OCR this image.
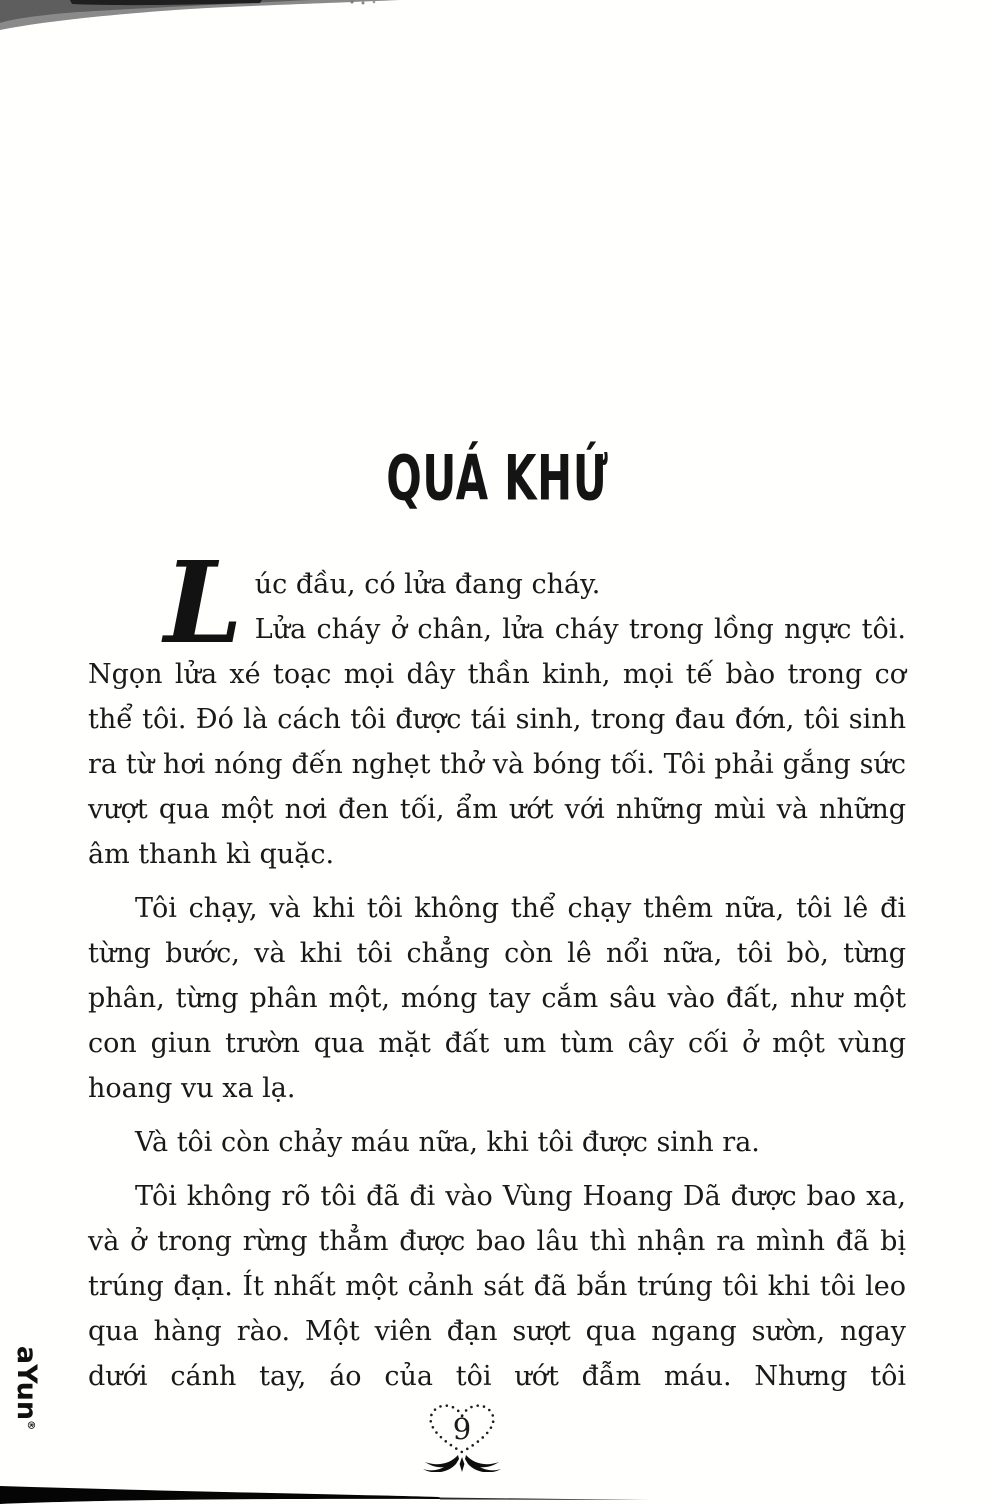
QUÁ KHỨ

Lúc đầu, có lửa đang cháy.
Lửa cháy ở chân, lửa cháy trong lồng ngực tôi. Ngọn lửa xé toạc mọi dây thần kinh, mọi tế bào trong cơ thể tôi. Đó là cách tôi được tái sinh, trong đau đớn, tôi sinh ra từ hơi nóng đến nghẹt thở và bóng tối. Tôi phải gắng sức vượt qua một nơi đen tối, ẩm ướt với những mùi và những âm thanh kì quặc.

Tôi chạy, và khi tôi không thể chạy thêm nữa, tôi lê đi từng bước, và khi tôi chẳng còn lê nổi nữa, tôi bò, từng phân, từng phân một, móng tay cắm sâu vào đất, như một con giun trườn qua mặt đất um tùm cây cối ở một vùng hoang vu xa lạ.

Và tôi còn chảy máu nữa, khi tôi được sinh ra.

Tôi không rõ tôi đã đi vào Vùng Hoang Dã được bao xa, và ở trong rừng thẳm được bao lâu thì nhận ra mình đã bị trúng đạn. Ít nhất một cảnh sát đã bắn trúng tôi khi tôi leo qua hàng rào. Một viên đạn sượt qua ngang sườn, ngay dưới cánh tay, áo của tôi ướt đẫm máu. Nhưng tôi

9
aYun®
